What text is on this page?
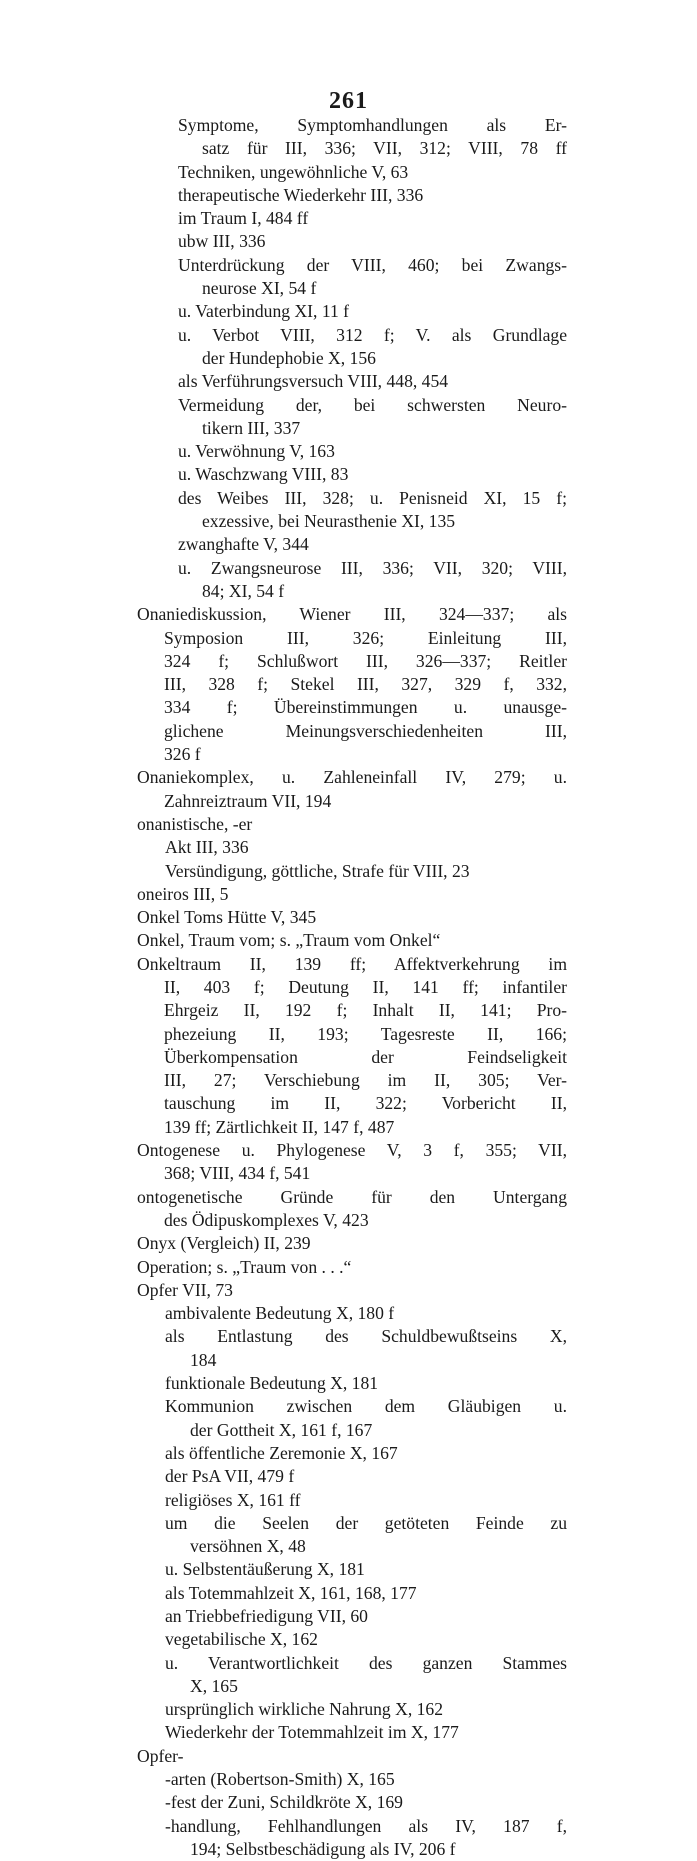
261
Symptome, Symptomhandlungen als Er-
satz für III, 336; VII, 312; VIII, 78 ff
Techniken, ungewöhnliche V, 63
therapeutische Wiederkehr III, 336
im Traum I, 484 ff
ubw III, 336
Unterdrückung der VIII, 460; bei Zwangs-
neurose XI, 54 f
u. Vaterbindung XI, 11 f
u. Verbot VIII, 312 f; V. als Grundlage
der Hundephobie X, 156
als Verführungsversuch VIII, 448, 454
Vermeidung der, bei schwersten Neuro-
tikern III, 337
u. Verwöhnung V, 163
u. Waschzwang VIII, 83
des Weibes III, 328; u. Penisneid XI, 15 f;
exzessive, bei Neurasthenie XI, 135
zwanghafte V, 344
u. Zwangsneurose III, 336; VII, 320; VIII,
84; XI, 54 f
Onaniediskussion, Wiener III, 324—337; als
Symposion III, 326; Einleitung III,
324 f; Schlußwort III, 326—337; Reitler
III, 328 f; Stekel III, 327, 329 f, 332,
334 f; Übereinstimmungen u. unausge-
glichene Meinungsverschiedenheiten III,
326 f
Onaniekomplex, u. Zahleneinfall IV, 279; u.
Zahnreiztraum VII, 194
onanistische, -er
Akt III, 336
Versündigung, göttliche, Strafe für VIII, 23
oneiros III, 5
Onkel Toms Hütte V, 345
Onkel, Traum vom; s. „Traum vom Onkel“
Onkeltraum II, 139 ff; Affektverkehrung im
II, 403 f; Deutung II, 141 ff; infantiler
Ehrgeiz II, 192 f; Inhalt II, 141; Pro-
phezeiung II, 193; Tagesreste II, 166;
Überkompensation der Feindseligkeit
III, 27; Verschiebung im II, 305; Ver-
tauschung im II, 322; Vorbericht II,
139 ff; Zärtlichkeit II, 147 f, 487
Ontogenese u. Phylogenese V, 3 f, 355; VII,
368; VIII, 434 f, 541
ontogenetische Gründe für den Untergang
des Ödipuskomplexes V, 423
Onyx (Vergleich) II, 239
Operation; s. „Traum von . . .“
Opfer VII, 73
ambivalente Bedeutung X, 180 f
als Entlastung des Schuldbewußtseins X,
184
funktionale Bedeutung X, 181
Kommunion zwischen dem Gläubigen u.
der Gottheit X, 161 f, 167
als öffentliche Zeremonie X, 167
der PsA VII, 479 f
religiöses X, 161 ff
um die Seelen der getöteten Feinde zu
versöhnen X, 48
u. Selbstentäußerung X, 181
als Totemmahlzeit X, 161, 168, 177
an Triebbefriedigung VII, 60
vegetabilische X, 162
u. Verantwortlichkeit des ganzen Stammes
X, 165
ursprünglich wirkliche Nahrung X, 162
Wiederkehr der Totemmahlzeit im X, 177
Opfer-
-arten (Robertson-Smith) X, 165
-fest der Zuni, Schildkröte X, 169
-handlung, Fehlhandlungen als IV, 187 f,
194; Selbstbeschädigung als IV, 206 f
